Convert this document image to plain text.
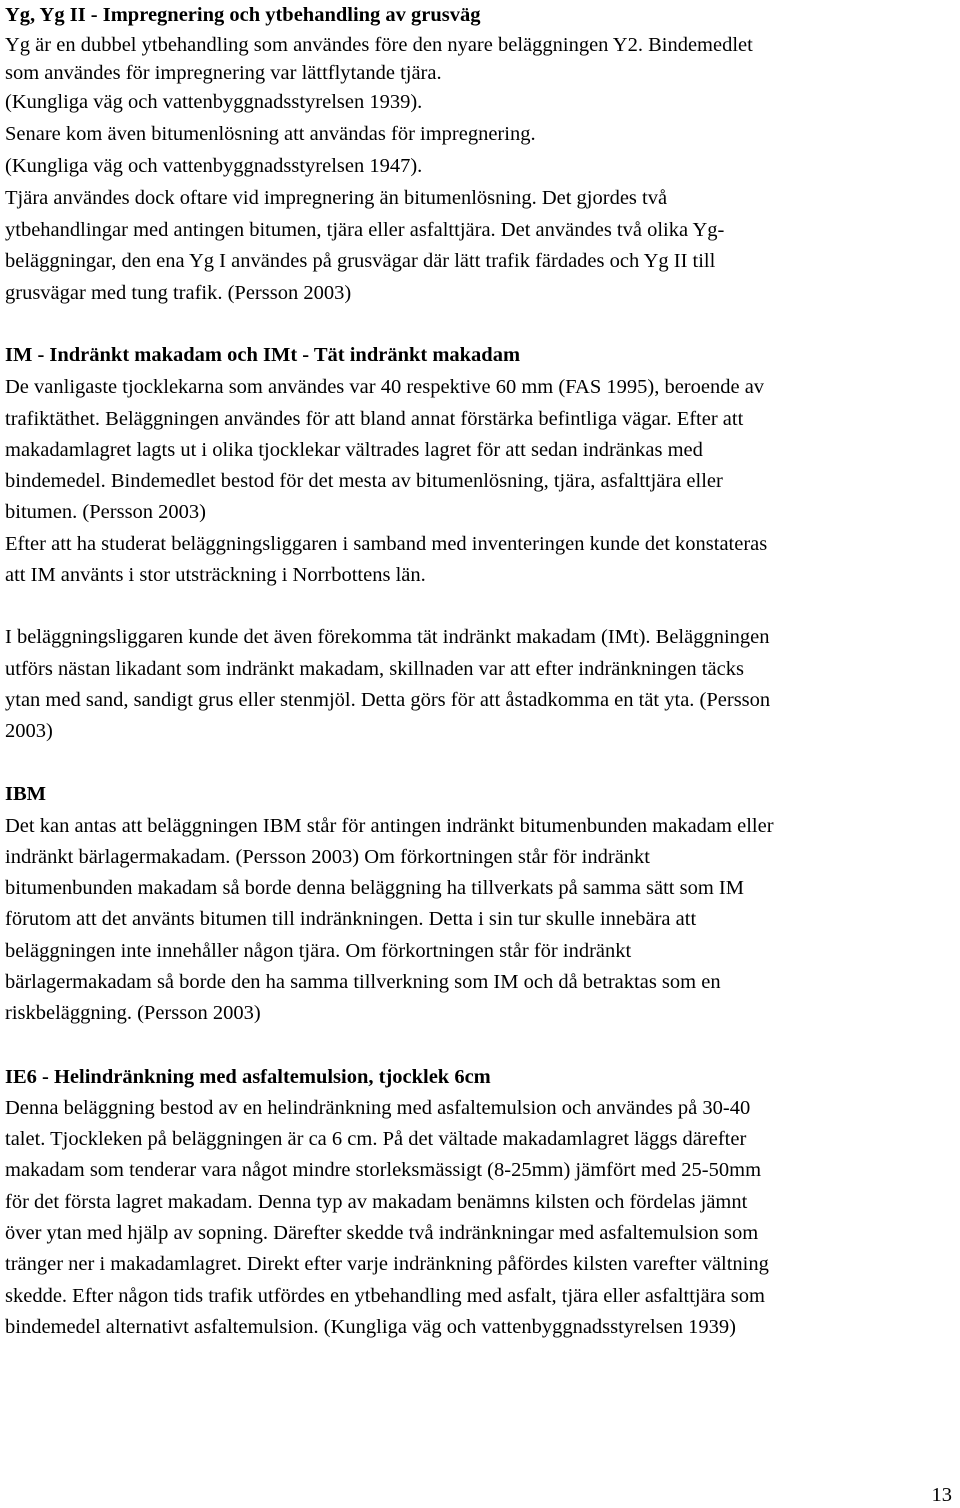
Yg, Yg II - Impregnering och ytbehandling av grusväg
Yg är en dubbel ytbehandling som användes före den nyare beläggningen Y2. Bindemedlet
som användes för impregnering var lättflytande tjära.
(Kungliga väg och vattenbyggnadsstyrelsen 1939).
Senare kom även bitumenlösning att användas för impregnering.
(Kungliga väg och vattenbyggnadsstyrelsen 1947).
Tjära användes dock oftare vid impregnering än bitumenlösning. Det gjordes två
ytbehandlingar med antingen bitumen, tjära eller asfalttjära. Det användes två olika Yg-
beläggningar, den ena Yg I användes på grusvägar där lätt trafik färdades och Yg II till
grusvägar med tung trafik. (Persson 2003)
IM - Indränkt makadam och IMt - Tät indränkt makadam
De vanligaste tjocklekarna som användes var 40 respektive 60 mm (FAS 1995), beroende av
trafiktäthet. Beläggningen användes för att bland annat förstärka befintliga vägar. Efter att
makadamlagret lagts ut i olika tjocklekar vältrades lagret för att sedan indränkas med
bindemedel. Bindemedlet bestod för det mesta av bitumenlösning, tjära, asfalttjära eller
bitumen. (Persson 2003)
Efter att ha studerat beläggningsliggaren i samband med inventeringen kunde det konstateras
att IM använts i stor utsträckning i Norrbottens län.
I beläggningsliggaren kunde det även förekomma tät indränkt makadam (IMt). Beläggningen
utförs nästan likadant som indränkt makadam, skillnaden var att efter indränkningen täcks
ytan med sand, sandigt grus eller stenmjöl. Detta görs för att åstadkomma en tät yta. (Persson
2003)
IBM
Det kan antas att beläggningen IBM står för antingen indränkt bitumenbunden makadam eller
indränkt bärlagermakadam. (Persson 2003) Om förkortningen står för indränkt
bitumenbunden makadam så borde denna beläggning ha tillverkats på samma sätt som IM
förutom att det använts bitumen till indränkningen. Detta i sin tur skulle innebära att
beläggningen inte innehåller någon tjära. Om förkortningen står för indränkt
bärlagermakadam så borde den ha samma tillverkning som IM och då betraktas som en
riskbeläggning. (Persson 2003)
IE6 - Helindränkning med asfaltemulsion, tjocklek 6cm
Denna beläggning bestod av en helindränkning med asfaltemulsion och användes på 30-40
talet. Tjockleken på beläggningen är ca 6 cm. På det vältade makadamlagret läggs därefter
makadam som tenderar vara något mindre storleksmässigt (8-25mm) jämfört med 25-50mm
för det första lagret makadam. Denna typ av makadam benämns kilsten och fördelas jämnt
över ytan med hjälp av sopning. Därefter skedde två indränkningar med asfaltemulsion som
tränger ner i makadamlagret. Direkt efter varje indränkning påfördes kilsten varefter vältning
skedde. Efter någon tids trafik utfördes en ytbehandling med asfalt, tjära eller asfalttjära som
bindemedel alternativt asfaltemulsion. (Kungliga väg och vattenbyggnadsstyrelsen 1939)
13
